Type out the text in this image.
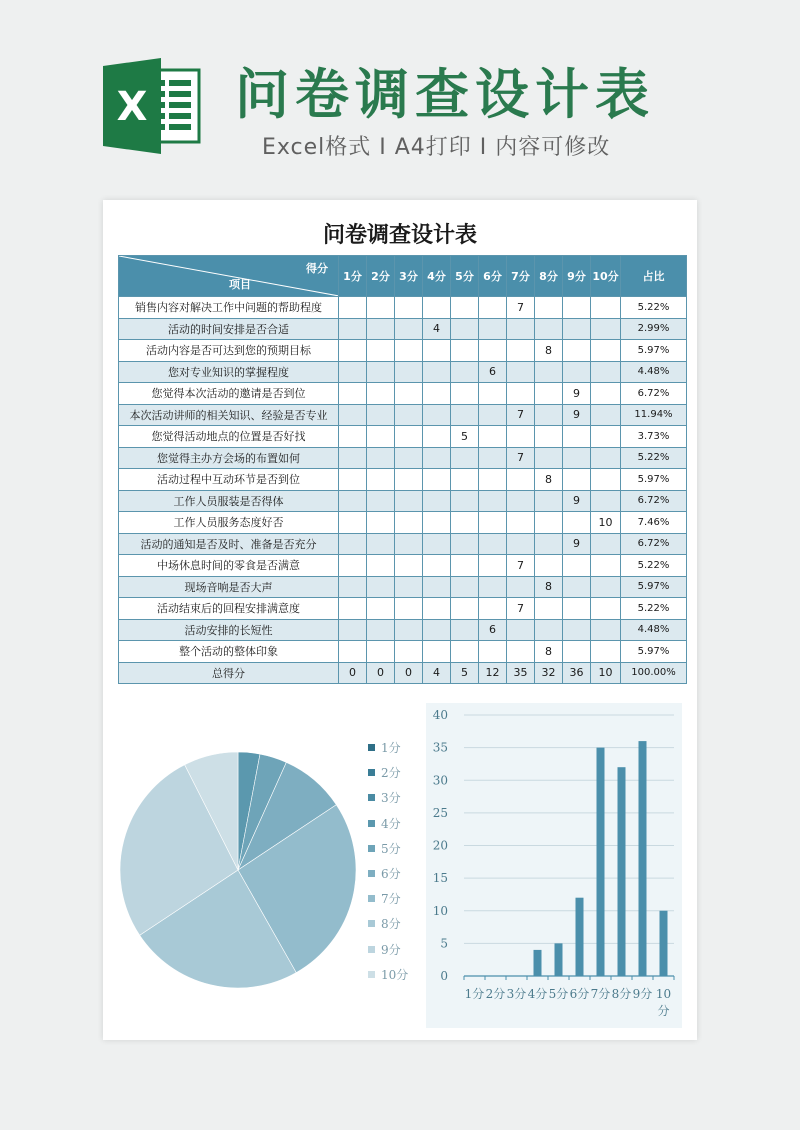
X 问卷调查设计表
Excel格式 I A4打印 I 内容可修改
问卷调查设计表
得分
项目	1分	2分	3分	4分	5分	6分	7分	8分	9分	10分	占比
销售内容对解决工作中问题的帮助程度							7				5.22%
活动的时间安排是否合适				4							2.99%
活动内容是否可达到您的预期目标								8			5.97%
您对专业知识的掌握程度						6					4.48%
您觉得本次活动的邀请是否到位									9		6.72%
本次活动讲师的相关知识、经验是否专业							7		9		11.94%
您觉得活动地点的位置是否好找					5						3.73%
您觉得主办方会场的布置如何							7				5.22%
活动过程中互动环节是否到位								8			5.97%
工作人员服装是否得体									9		6.72%
工作人员服务态度好否										10	7.46%
活动的通知是否及时、准备是否充分									9		6.72%
中场休息时间的零食是否满意							7				5.22%
现场音响是否大声								8			5.97%
活动结束后的回程安排满意度							7				5.22%
活动安排的长短性						6					4.48%
整个活动的整体印象								8			5.97%
总得分	0	0	0	4	5	12	35	32	36	10	100.00%
1分
2分
3分
4分
5分
6分
7分
8分
9分
10分	0
5
10
15
20
25
30
35
40
1分 2分 3分 4分 5分 6分 7分 8分 9分 10 分
